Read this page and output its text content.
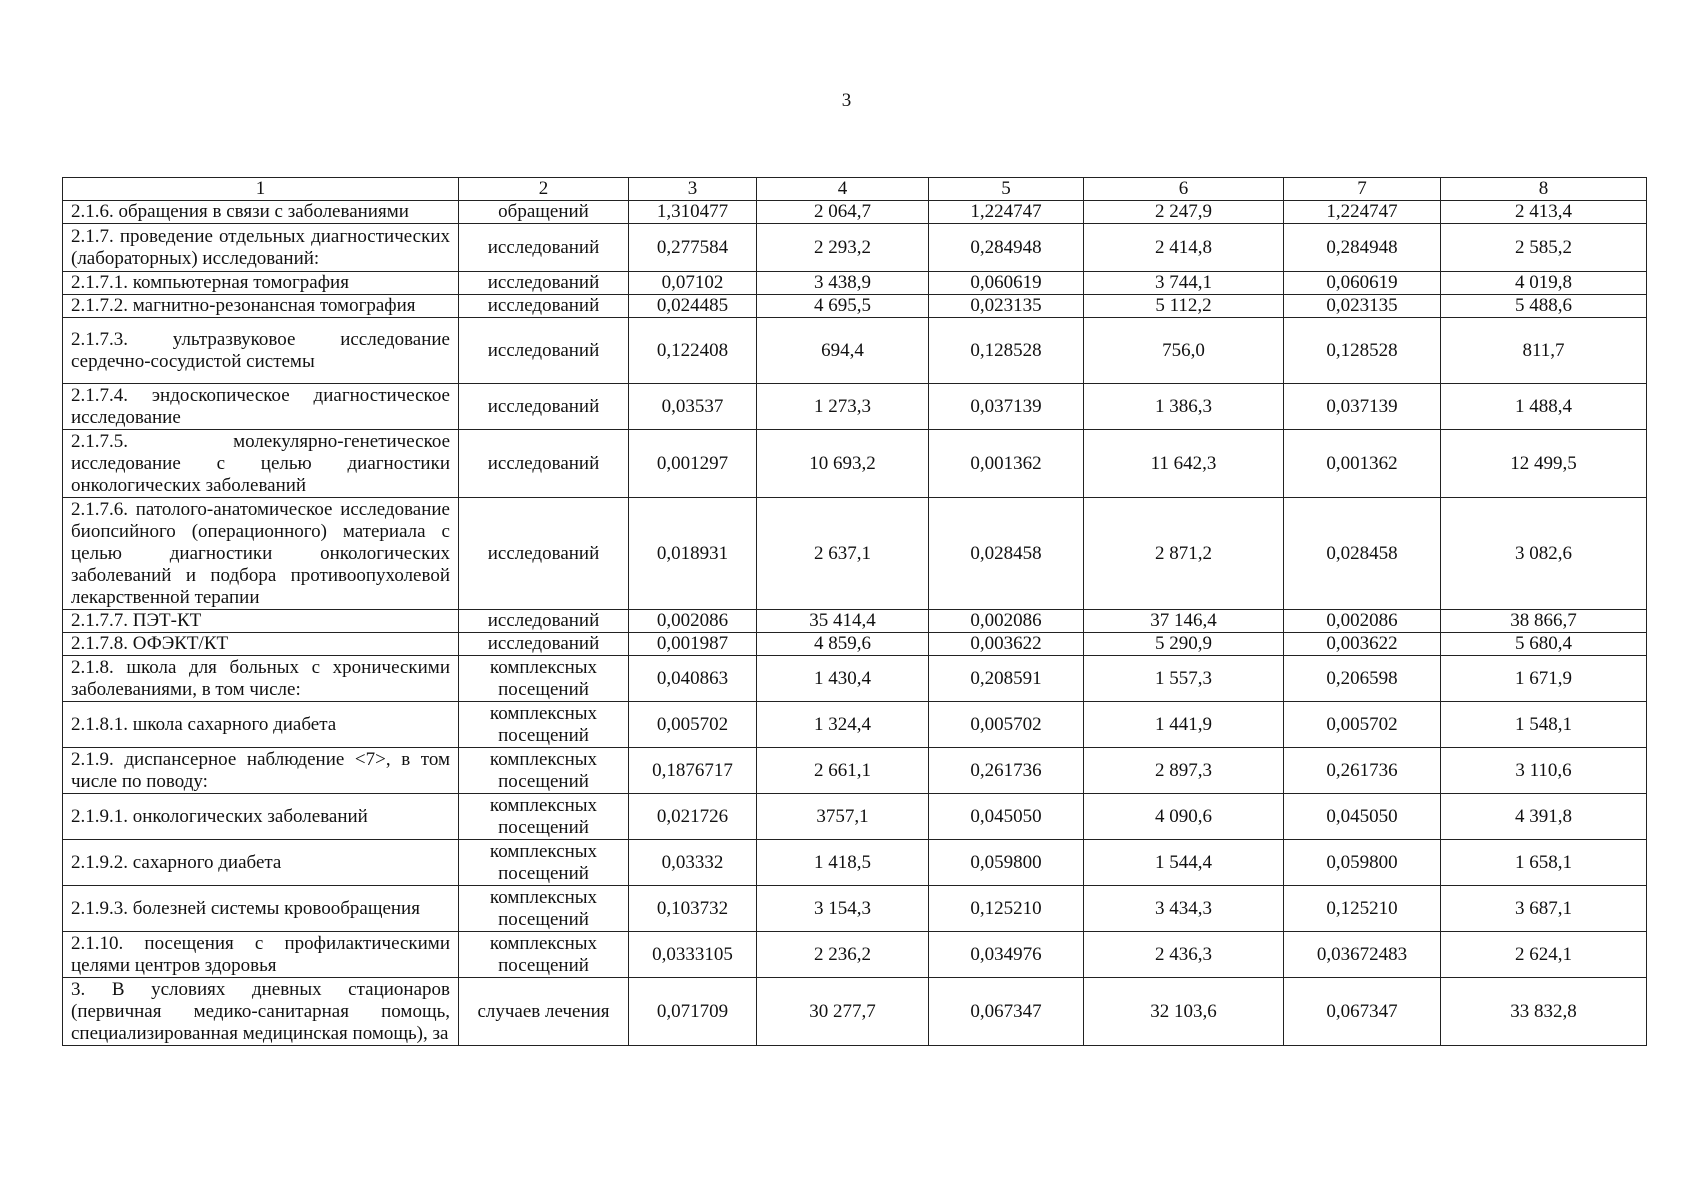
3
1	2	3	4	5	6	7	8
2.1.6. обращения в связи с заболеваниями	обращений	1,310477	2 064,7	1,224747	2 247,9	1,224747	2 413,4
2.1.7. проведение отдельных диагностических (лабораторных) исследований:	исследований	0,277584	2 293,2	0,284948	2 414,8	0,284948	2 585,2
2.1.7.1. компьютерная томография	исследований	0,07102	3 438,9	0,060619	3 744,1	0,060619	4 019,8
2.1.7.2. магнитно-резонансная томография	исследований	0,024485	4 695,5	0,023135	5 112,2	0,023135	5 488,6
2.1.7.3. ультразвуковое исследование сердечно-сосудистой системы	исследований	0,122408	694,4	0,128528	756,0	0,128528	811,7
2.1.7.4. эндоскопическое диагностическое исследование	исследований	0,03537	1 273,3	0,037139	1 386,3	0,037139	1 488,4
2.1.7.5. молекулярно-генетическое исследование с целью диагностики онкологических заболеваний	исследований	0,001297	10 693,2	0,001362	11 642,3	0,001362	12 499,5
2.1.7.6. патолого-анатомическое исследование биопсийного (операционного) материала с целью диагностики онкологических заболеваний и подбора противоопухолевой лекарственной терапии	исследований	0,018931	2 637,1	0,028458	2 871,2	0,028458	3 082,6
2.1.7.7. ПЭТ-КТ	исследований	0,002086	35 414,4	0,002086	37 146,4	0,002086	38 866,7
2.1.7.8. ОФЭКТ/КТ	исследований	0,001987	4 859,6	0,003622	5 290,9	0,003622	5 680,4
2.1.8. школа для больных с хроническими заболеваниями, в том числе:	комплексных посещений	0,040863	1 430,4	0,208591	1 557,3	0,206598	1 671,9
2.1.8.1. школа сахарного диабета	комплексных посещений	0,005702	1 324,4	0,005702	1 441,9	0,005702	1 548,1
2.1.9. диспансерное наблюдение <7>, в том числе по поводу:	комплексных посещений	0,1876717	2 661,1	0,261736	2 897,3	0,261736	3 110,6
2.1.9.1. онкологических заболеваний	комплексных посещений	0,021726	3757,1	0,045050	4 090,6	0,045050	4 391,8
2.1.9.2. сахарного диабета	комплексных посещений	0,03332	1 418,5	0,059800	1 544,4	0,059800	1 658,1
2.1.9.3. болезней системы кровообращения	комплексных посещений	0,103732	3 154,3	0,125210	3 434,3	0,125210	3 687,1
2.1.10. посещения с профилактическими целями центров здоровья	комплексных посещений	0,0333105	2 236,2	0,034976	2 436,3	0,03672483	2 624,1
3. В условиях дневных стационаров (первичная медико-санитарная помощь, специализированная медицинская помощь), за	случаев лечения	0,071709	30 277,7	0,067347	32 103,6	0,067347	33 832,8
